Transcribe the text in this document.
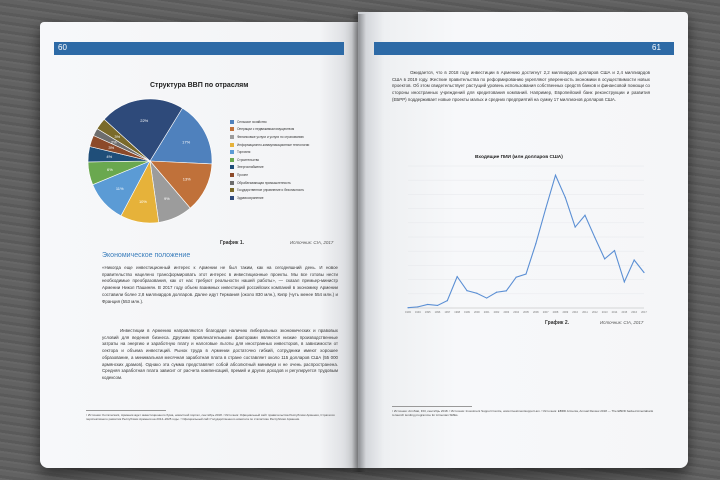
60	61
Структура ВВП по отраслям
17%
13%
9%
10%
11%
6%
4%
3%
2%
3%
22%	Сельское хозяйство
Операции с недвижимым имуществом
Финансовые услуги и услуги по страхованию
Информационно-коммуникационные технологии
Торговля
Строительство
Энергоснабжение
Прочее
Обрабатывающая промышленность
Государственное управление и безопасность
Здравоохранение
График 1.	Источник: CIA, 2017
Экономическое положение
«Никогда еще инвестиционный интерес к Армении не был таким, как на сегодняшний день. И новое правительство нацелено трансформировать этот интерес в инвестиционные проекты. Мы все готовы нести необходимые преобразования, как от нас требуют реальности нашей работы», — сказал премьер-министр Армении Никол Пашинян. В 2017 году объем взаимных инвестиций российских компаний в экономику Армении составили более 2,8 миллиардов долларов. Далее идут Германия (около 830 млн.), Кипр (чуть менее 554 млн.) и Франция (553 млн.).
Инвестиции в Армению направляются благодаря наличию либеральных экономических и правовых условий для ведения бизнеса. Другими привлекательными факторами являются низкие производственные затраты на энергию и заработную плату и налоговые льготы для иностранных инвесторов, в зависимости от сектора и объема инвестиций. Рынок труда в Армении достаточно гибкий, сотрудники имеют хорошее образование, а минимальная месячная заработная плата в стране составляет около 115 долларов США (55 000 армянских драмов). Однако эта сумма представляет собой абсолютный минимум и не очень распространена. Средняя заработная плата зависит от расчета компенсаций, премий и других доходов и регулируется трудовым кодексом.
¹ Источник: Kommersant, Армения ждет инвестиционного бума, новостной портал, сентябрь 2018. ² Источник: Официальный сайт правительства Республики Армения, Стратегия перспективного развития Республики Армения на 2014–2025 годы. ³ Официальный сайт Государственного комитета по статистике Республики Армения.
Ожидается, что в 2018 году инвестиции в Армению достигнут 2,2 миллиардов долларов США и 2,4 миллиардов США в 2019 году. Жесткие правительства по реформированию укрепляют уверенность экономики в осуществимости новых проектов. Об этом свидетельствует растущий уровень использования собственных средств банков и финансовой помощи со стороны иностранных учреждений для кредитования компаний. Например, Европейский банк реконструкции и развития (ЕБРР) поддерживает новые проекты малых и средних предприятий на сумму 17 миллионов долларов США.
Входящие ПИИ (млн долларов США)
1993 1994 1995 1996 1997 1998 1999 2000 2001 2002 2003 2004 2005 2006 2007 2008 2009 2010 2011 2012 2013 2014 2015 2016 2017
График 2.	Источник: CIA, 2017
¹ Источник: ArmStat, FDI, сентябрь 2018. ² Источник: Investment Support Centre, www.investmentsupport.am. ³ Источник: EBRD Armenia, Annual Review 2018 — The EBRD backed Ameriabank to launch lending programme for Armenian SMEs.
